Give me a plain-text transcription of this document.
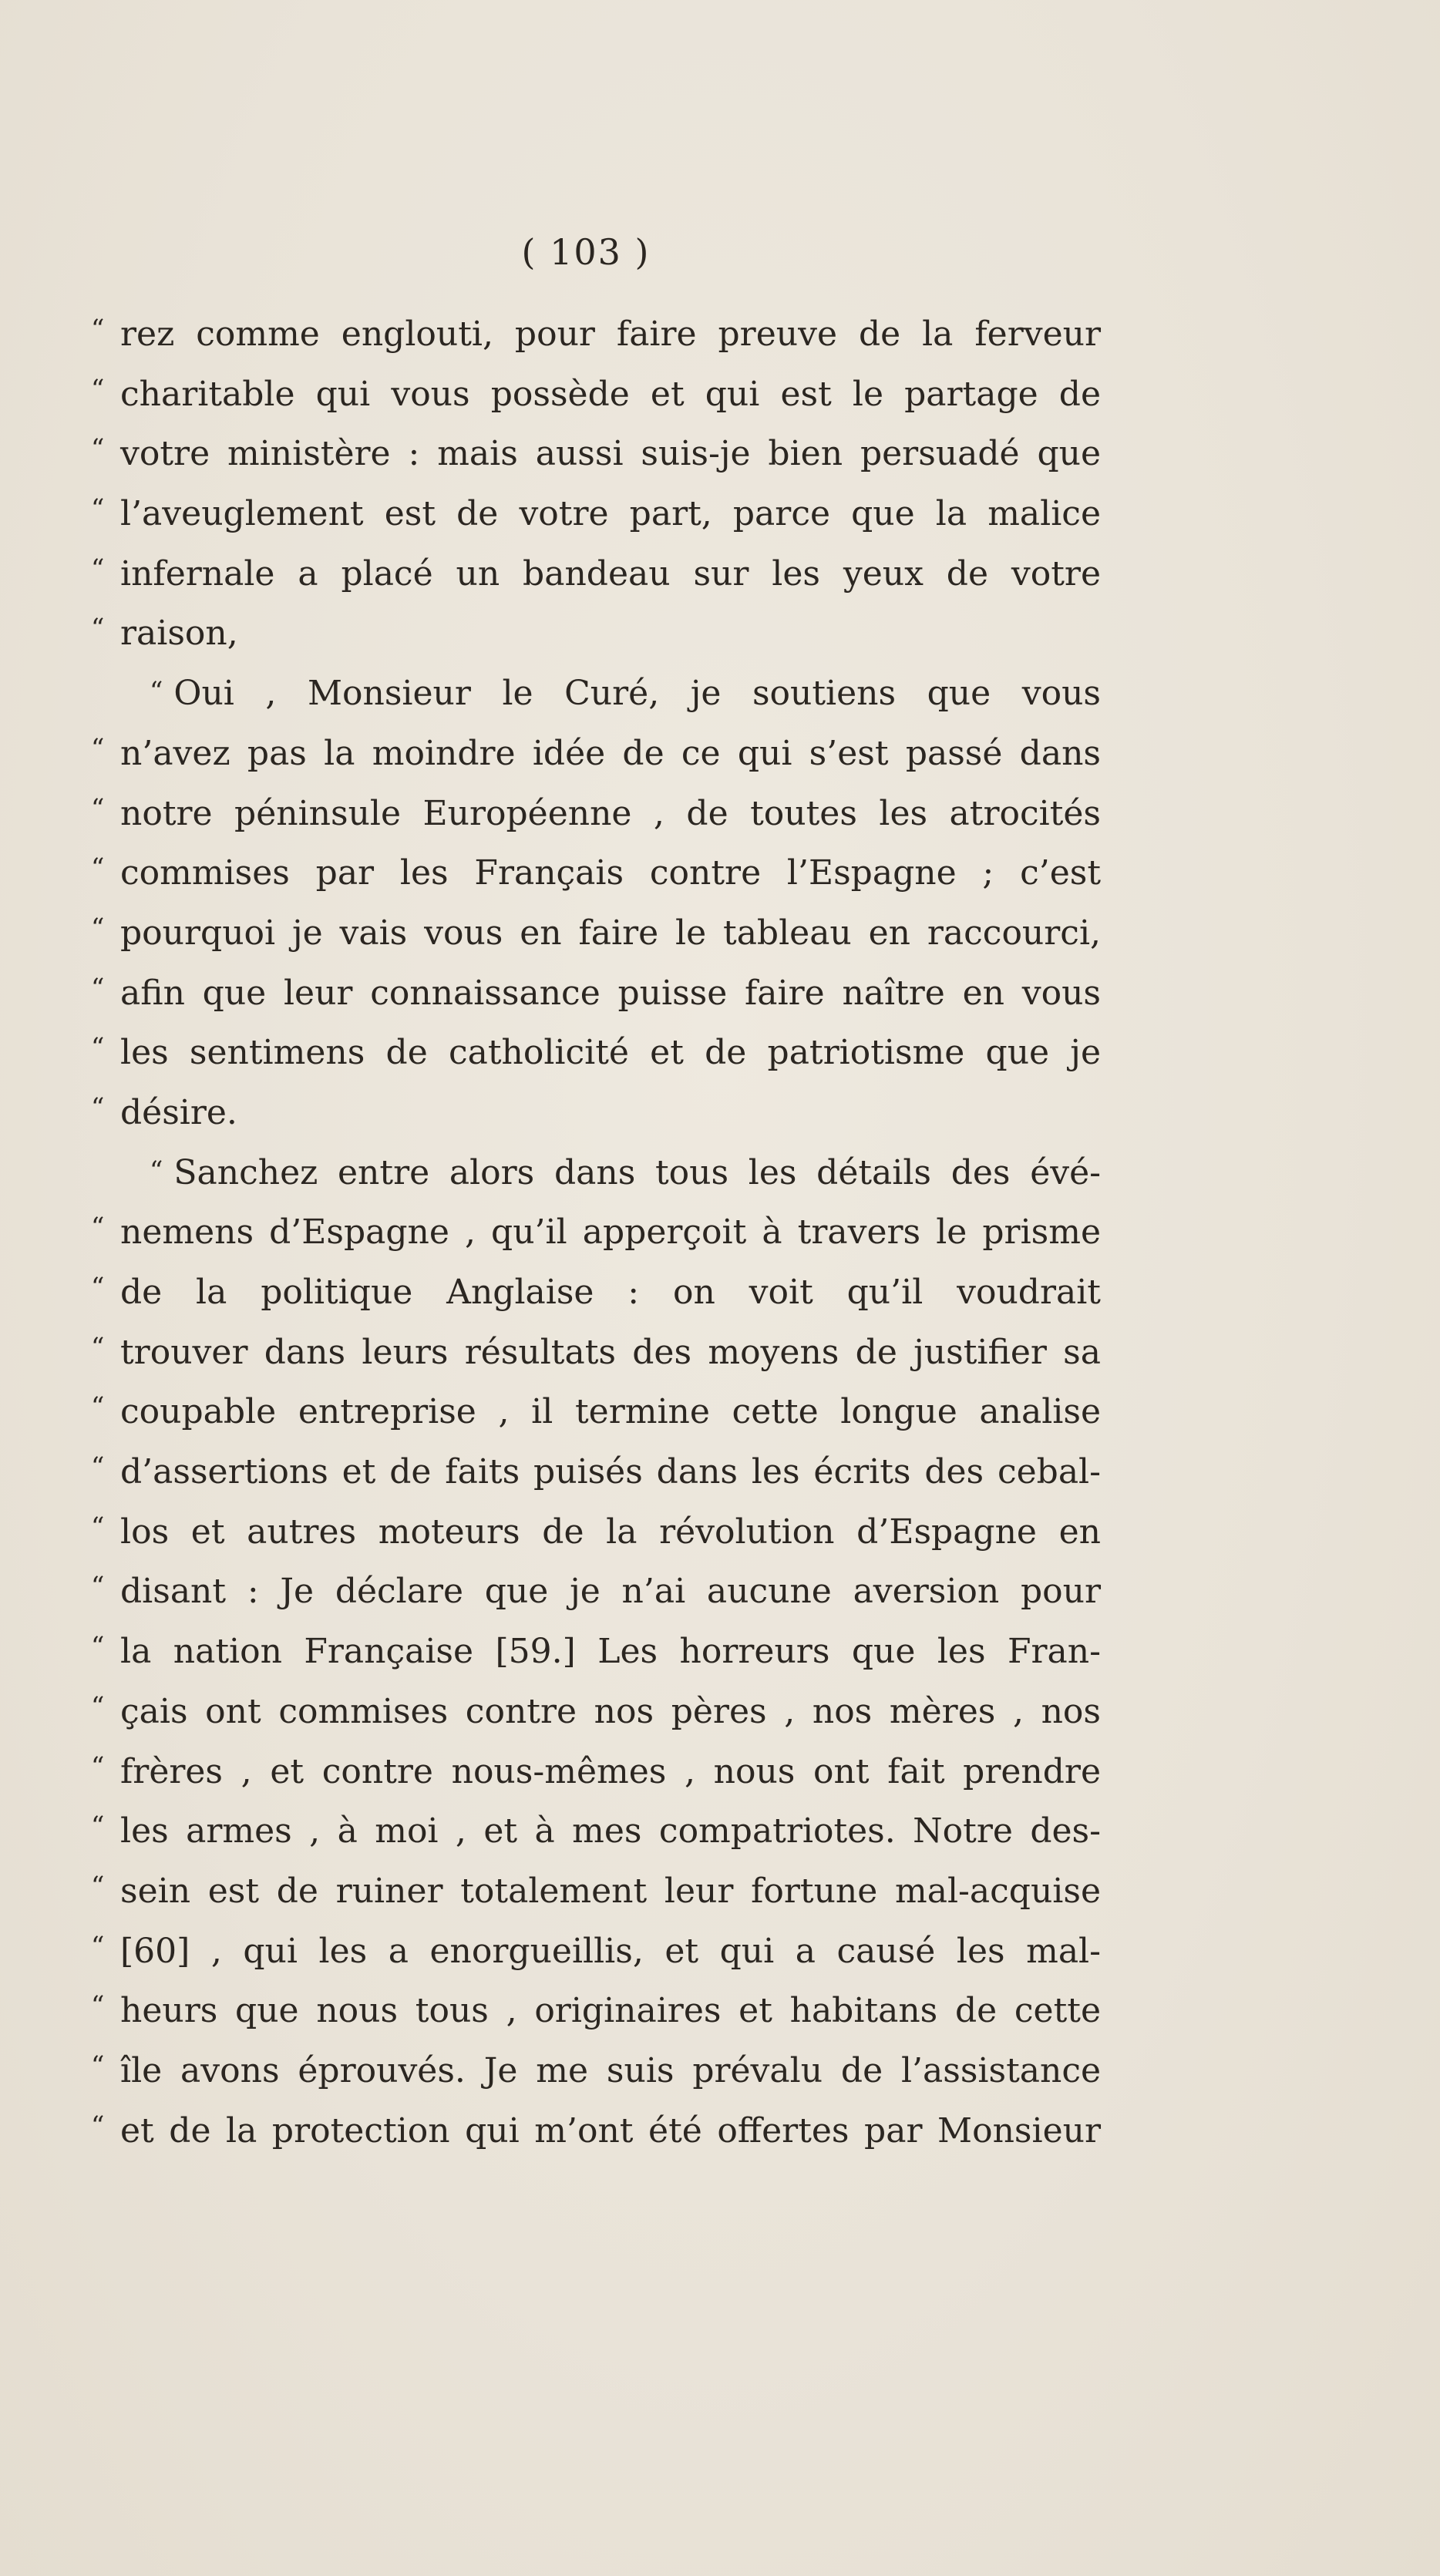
( 103 )
“ rez comme englouti, pour faire preuve de la ferveur
“ charitable qui vous possède et qui est le partage de
“ votre ministère : mais aussi suis-je bien persuadé que
“ l’aveuglement est de votre part, parce que la malice
“ infernale a placé un bandeau sur les yeux de votre
“ raison,
“ Oui , Monsieur le Curé, je soutiens que vous
“ n’avez pas la moindre idée de ce qui s’est passé dans
“ notre péninsule Européenne , de toutes les atrocités
“ commises par les Français contre l’Espagne ; c’est
“ pourquoi je vais vous en faire le tableau en raccourci,
“ afin que leur connaissance puisse faire naître en vous
“ les sentimens de catholicité et de patriotisme que je
“ désire.
“ Sanchez entre alors dans tous les détails des évé-
“ nemens d’Espagne , qu’il apperçoit à travers le prisme
“ de la politique Anglaise : on voit qu’il voudrait
“ trouver dans leurs résultats des moyens de justifier sa
“ coupable entreprise , il termine cette longue analise
“ d’assertions et de faits puisés dans les écrits des cebal-
“ los et autres moteurs de la révolution d’Espagne en
“ disant : Je déclare que je n’ai aucune aversion pour
“ la nation Française [59.] Les horreurs que les Fran-
“ çais ont commises contre nos pères , nos mères , nos
“ frères , et contre nous-mêmes , nous ont fait prendre
“ les armes , à moi , et à mes compatriotes. Notre des-
“ sein est de ruiner totalement leur fortune mal-acquise
“ [60] , qui les a enorgueillis, et qui a causé les mal-
“ heurs que nous tous , originaires et habitans de cette
“ île avons éprouvés. Je me suis prévalu de l’assistance
“ et de la protection qui m’ont été offertes par Monsieur
